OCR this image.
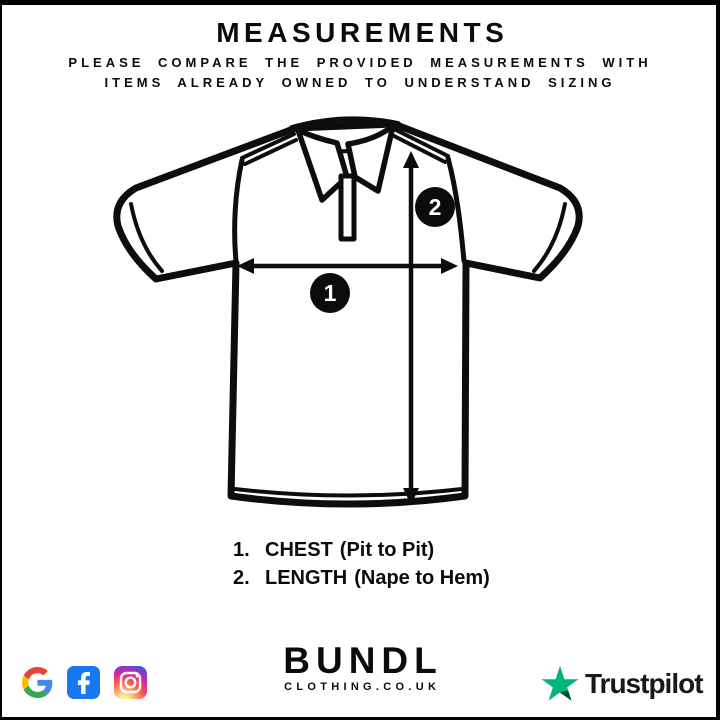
MEASUREMENTS
PLEASE COMPARE THE PROVIDED MEASUREMENTS WITH
ITEMS ALREADY OWNED TO UNDERSTAND SIZING
1
2
1. CHEST (Pit to Pit)
2. LENGTH (Nape to Hem)
BUNDL
CLOTHING.CO.UK	Trustpilot
